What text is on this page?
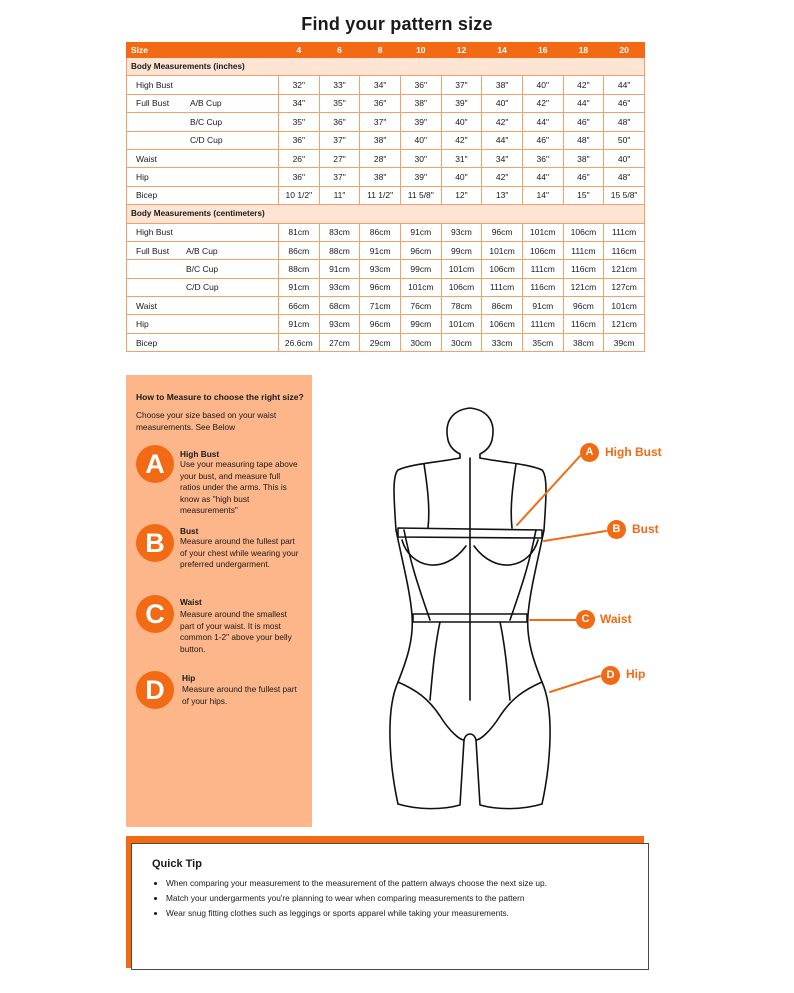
Find your pattern size
Size	4	6	8	10	12	14	16	18	20
Body Measurements (inches)									
High Bust	32"	33"	34"	36"	37"	38"	40"	42"	44"
Full Bust A/B Cup	34"	35"	36"	38"	39"	40"	42"	44"	46"
B/C Cup	35"	36"	37"	39"	40"	42"	44"	46"	48"
C/D Cup	36"	37"	38"	40"	42"	44"	46"	48"	50"
Waist	26"	27"	28"	30"	31"	34"	36"	38"	40"
Hip	36"	37"	38"	39"	40"	42"	44"	46"	48"
Bicep	10 1/2"	11"	11 1/2"	11 5/8"	12"	13"	14"	15"	15 5/8"
Body Measurements (centimeters)									
High Bust	81cm	83cm	86cm	91cm	93cm	96cm	101cm	106cm	111cm
Full Bust A/B Cup	86cm	88cm	91cm	96cm	99cm	101cm	106cm	111cm	116cm
B/C Cup	88cm	91cm	93cm	99cm	101cm	106cm	111cm	116cm	121cm
C/D Cup	91cm	93cm	96cm	101cm	106cm	111cm	116cm	121cm	127cm
Waist	66cm	68cm	71cm	76cm	78cm	86cm	91cm	96cm	101cm
Hip	91cm	93cm	96cm	99cm	101cm	106cm	111cm	116cm	121cm
Bicep	26.6cm	27cm	29cm	30cm	30cm	33cm	35cm	38cm	39cm
How to Measure to choose the right size?
Choose your size based on your waist measurements. See Below
A	High Bust
Use your measuring tape above your bust, and measure full ratios under the arms. This is know as "high bust measurements"
B	Bust
Measure around the fullest part of your chest while wearing your preferred undergarment.
C	Waist
Measure around the smallest part of your waist. It is most common 1-2" above your belly button.
D	Hip
Measure around the fullest part of your hips.
A High Bust
B Bust
C Waist
D Hip
Quick Tip
• When comparing your measurement to the measurement of the pattern always choose the next size up.
• Match your undergarments you're planning to wear when comparing measurements to the pattern
• Wear snug fitting clothes such as leggings or sports apparel while taking your measurements.
